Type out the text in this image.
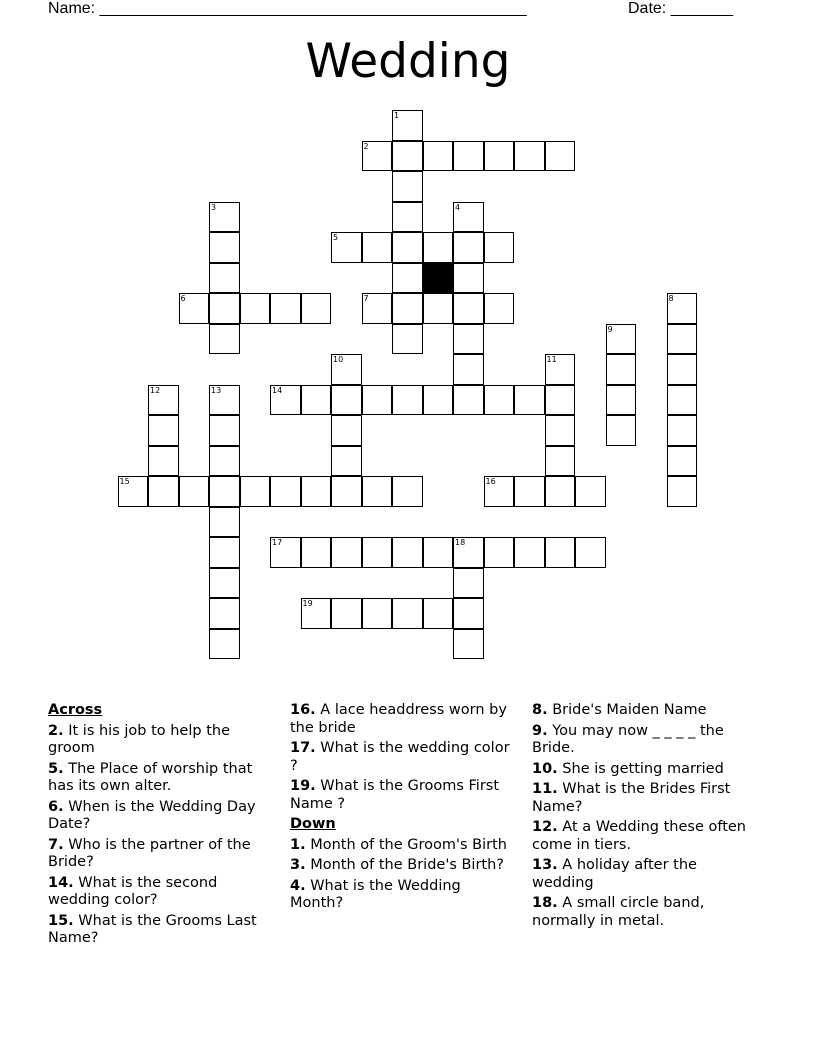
Name: ________________________________________________	Date: _______
Wedding
1
2
3	4
5
6	7	8
9
10	11
12	13	14
15	16
17	18
19
Across
2. It is his job to help the groom
5. The Place of worship that has its own alter.
6. When is the Wedding Day Date?
7. Who is the partner of the Bride?
14. What is the second wedding color?
15. What is the Grooms Last Name?
16. A lace headdress worn by the bride
17. What is the wedding color ?
19. What is the Grooms First Name ?
Down
1. Month of the Groom's Birth
3. Month of the Bride's Birth?
4. What is the Wedding Month?
8. Bride's Maiden Name
9. You may now _ _ _ _ the Bride.
10. She is getting married
11. What is the Brides First Name?
12. At a Wedding these often come in tiers.
13. A holiday after the wedding
18. A small circle band, normally in metal.
